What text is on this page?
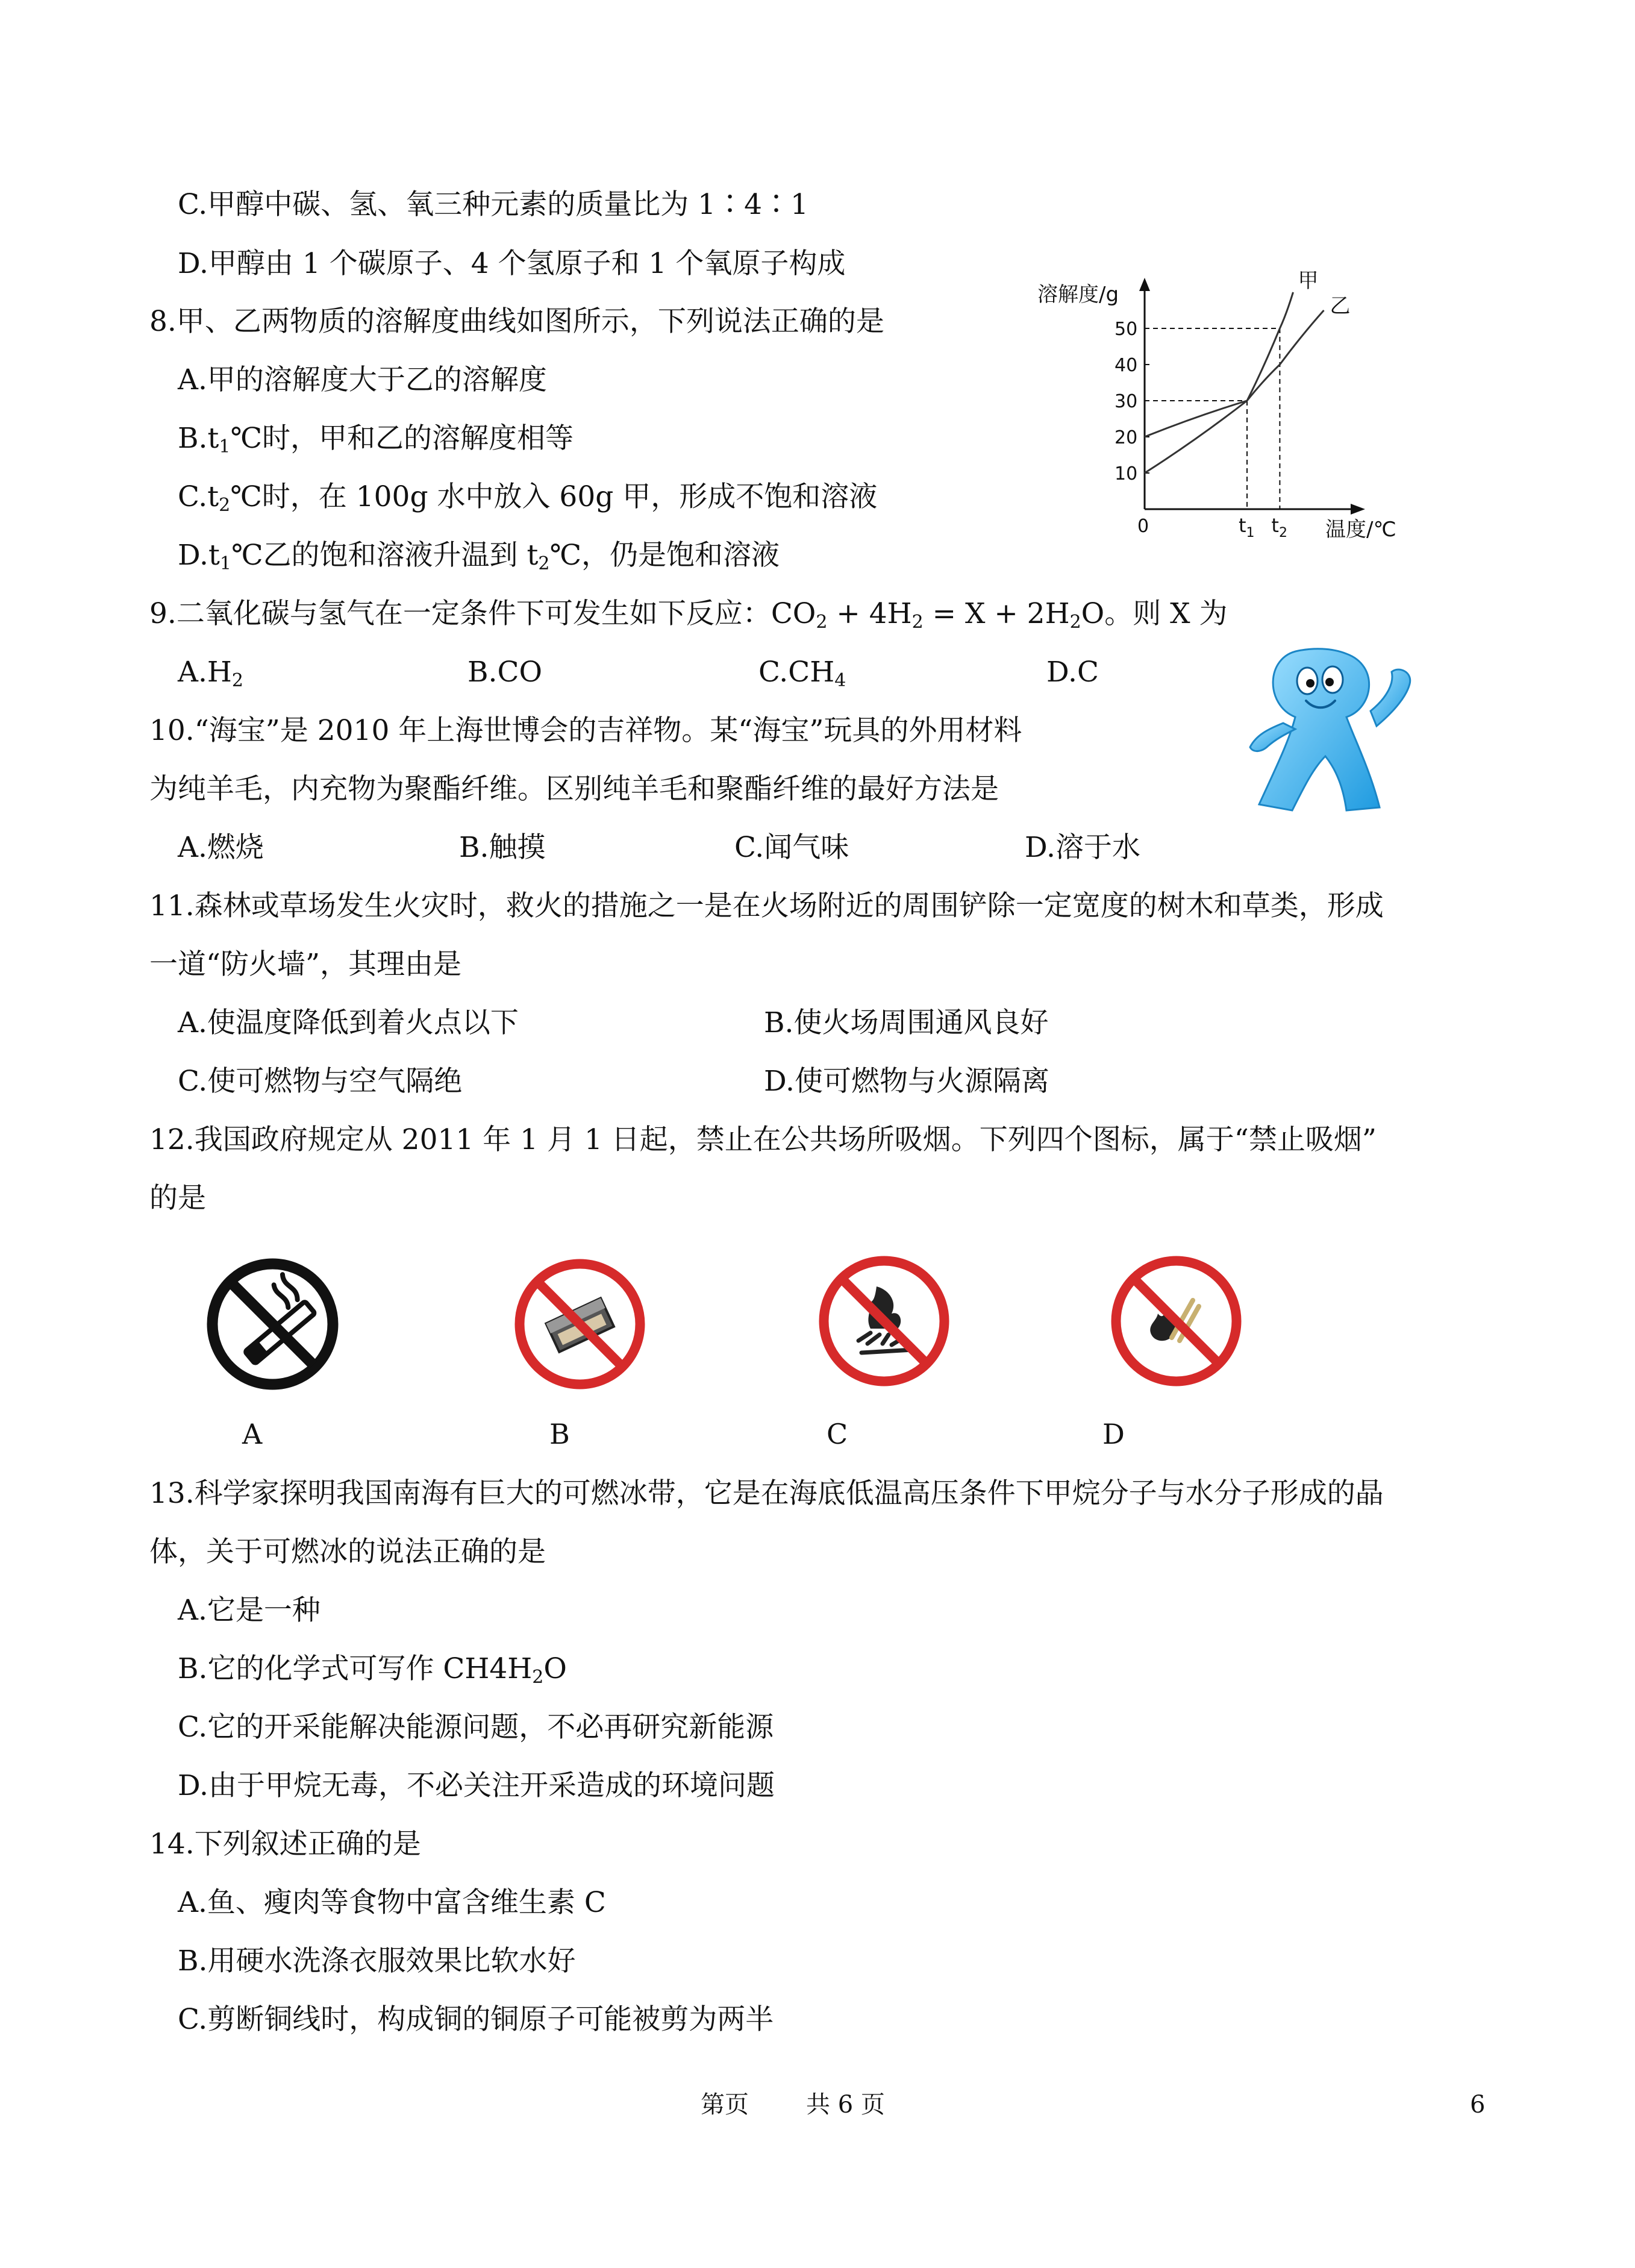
C.甲醇中碳、氢、氧三种元素的质量比为 1∶4∶1
D.甲醇由 1 个碳原子、4 个氢原子和 1 个氧原子构成
8.甲、乙两物质的溶解度曲线如图所示，下列说法正确的是
A.甲的溶解度大于乙的溶解度
$B.t_1℃$时，甲和乙的溶解度相等
$C.t_2℃$时，在 100g 水中放入 60g 甲，形成不饱和溶液
$D.t_1℃$乙的饱和溶液升温到 $t_2℃$，仍是饱和溶液
溶解度/g
温度/℃
0
10
20
30
40
50
$t_1$ $t_2$
甲
乙
9.二氧化碳与氢气在一定条件下可发生如下反应：$CO_2 + 4H_2 = X + 2H_2O$。则 X 为
$A.H_2$	B.CO	$C.CH_4$	D.C
10.“海宝”是 2010 年上海世博会的吉祥物。某“海宝”玩具的外用材料
为纯羊毛，内充物为聚酯纤维。区别纯羊毛和聚酯纤维的最好方法是
A.燃烧	B.触摸	C.闻气味	D.溶于水
11.森林或草场发生火灾时，救火的措施之一是在火场附近的周围铲除一定宽度的树木和草类，形成
一道“防火墙”，其理由是
A.使温度降低到着火点以下	B.使火场周围通风良好
C.使可燃物与空气隔绝	D.使可燃物与火源隔离
12.我国政府规定从 2011 年 1 月 1 日起，禁止在公共场所吸烟。下列四个图标，属于“禁止吸烟”
的是
A	B	C	D
13.科学家探明我国南海有巨大的可燃冰带，它是在海底低温高压条件下甲烷分子与水分子形成的晶
体，关于可燃冰的说法正确的是
A.它是一种
B.它的化学式可写作 $CH4H_2O$
C.它的开采能解决能源问题，不必再研究新能源
D.由于甲烷无毒，不必关注开采造成的环境问题
14.下列叙述正确的是
A.鱼、瘦肉等食物中富含维生素 C
B.用硬水洗涤衣服效果比软水好
C.剪断铜线时，构成铜的铜原子可能被剪为两半
第页 共 6 页	6
